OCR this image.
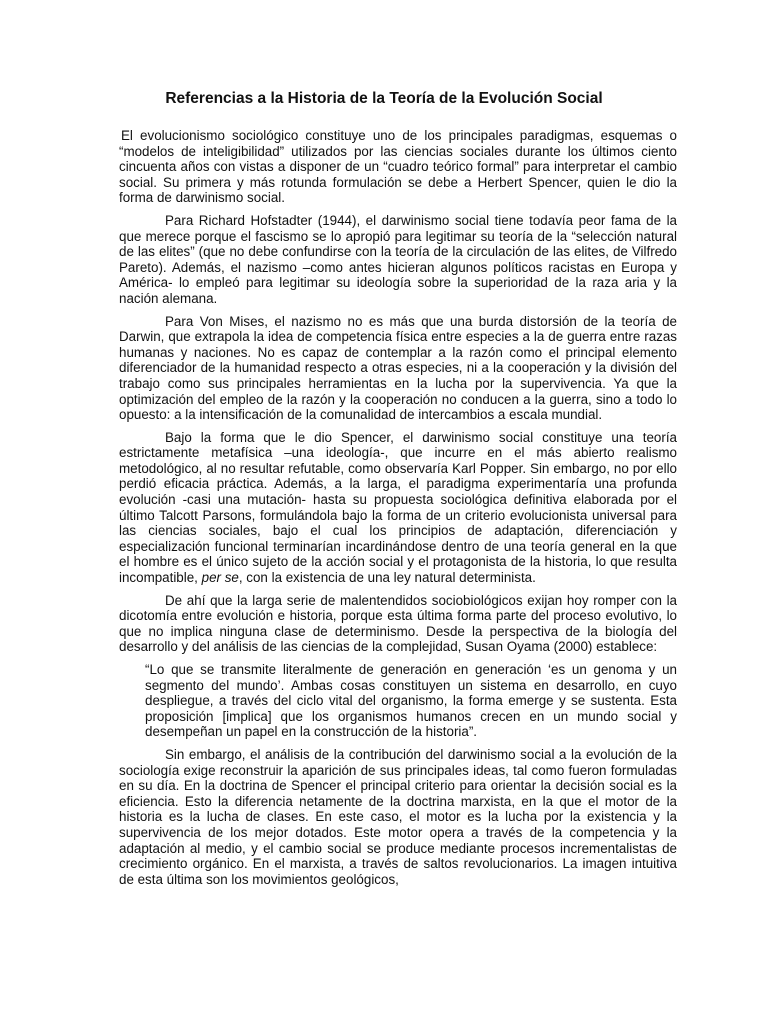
Referencias a la Historia de la Teoría de la Evolución Social

El evolucionismo sociológico constituye uno de los principales paradigmas, esquemas o “modelos de inteligibilidad” utilizados por las ciencias sociales durante los últimos ciento cincuenta años con vistas a disponer de un “cuadro teórico formal” para interpretar el cambio social. Su primera y más rotunda formulación se debe a Herbert Spencer, quien le dio la forma de darwinismo social.

Para Richard Hofstadter (1944), el darwinismo social tiene todavía peor fama de la que merece porque el fascismo se lo apropió para legitimar su teoría de la “selección natural de las elites” (que no debe confundirse con la teoría de la circulación de las elites, de Vilfredo Pareto). Además, el nazismo –como antes hicieran algunos políticos racistas en Europa y América- lo empleó para legitimar su ideología sobre la superioridad de la raza aria y la nación alemana.

Para Von Mises, el nazismo no es más que una burda distorsión de la teoría de Darwin, que extrapola la idea de competencia física entre especies a la de guerra entre razas humanas y naciones. No es capaz de contemplar a la razón como el principal elemento diferenciador de la humanidad respecto a otras especies, ni a la cooperación y la división del trabajo como sus principales herramientas en la lucha por la supervivencia. Ya que la optimización del empleo de la razón y la cooperación no conducen a la guerra, sino a todo lo opuesto: a la intensificación de la comunalidad de intercambios a escala mundial.

Bajo la forma que le dio Spencer, el darwinismo social constituye una teoría estrictamente metafísica –una ideología-, que incurre en el más abierto realismo metodológico, al no resultar refutable, como observaría Karl Popper. Sin embargo, no por ello perdió eficacia práctica. Además, a la larga, el paradigma experimentaría una profunda evolución -casi una mutación- hasta su propuesta sociológica definitiva elaborada por el último Talcott Parsons, formulándola bajo la forma de un criterio evolucionista universal para las ciencias sociales, bajo el cual los principios de adaptación, diferenciación y especialización funcional terminarían incardinándose dentro de una teoría general en la que el hombre es el único sujeto de la acción social y el protagonista de la historia, lo que resulta incompatible, per se, con la existencia de una ley natural determinista.

De ahí que la larga serie de malentendidos sociobiológicos exijan hoy romper con la dicotomía entre evolución e historia, porque esta última forma parte del proceso evolutivo, lo que no implica ninguna clase de determinismo. Desde la perspectiva de la biología del desarrollo y del análisis de las ciencias de la complejidad, Susan Oyama (2000) establece:

“Lo que se transmite literalmente de generación en generación ‘es un genoma y un segmento del mundo’. Ambas cosas constituyen un sistema en desarrollo, en cuyo despliegue, a través del ciclo vital del organismo, la forma emerge y se sustenta. Esta proposición [implica] que los organismos humanos crecen en un mundo social y desempeñan un papel en la construcción de la historia”.

Sin embargo, el análisis de la contribución del darwinismo social a la evolución de la sociología exige reconstruir la aparición de sus principales ideas, tal como fueron formuladas en su día. En la doctrina de Spencer el principal criterio para orientar la decisión social es la eficiencia. Esto la diferencia netamente de la doctrina marxista, en la que el motor de la historia es la lucha de clases. En este caso, el motor es la lucha por la existencia y la supervivencia de los mejor dotados. Este motor opera a través de la competencia y la adaptación al medio, y el cambio social se produce mediante procesos incrementalistas de crecimiento orgánico. En el marxista, a través de saltos revolucionarios. La imagen intuitiva de esta última son los movimientos geológicos,
